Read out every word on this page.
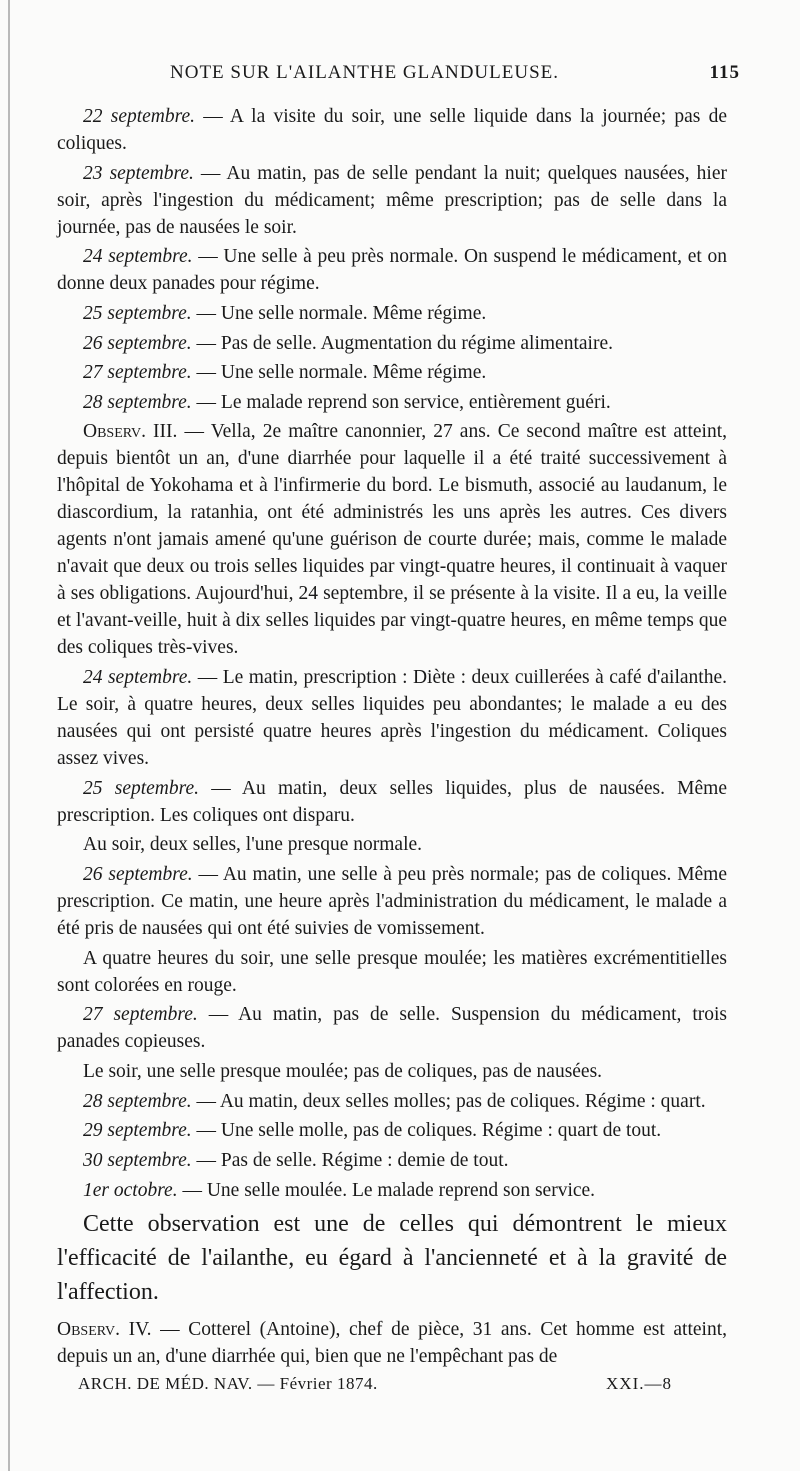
NOTE SUR L'AILANTHE GLANDULEUSE.	115

22 septembre. — A la visite du soir, une selle liquide dans la journée; pas de coliques.

23 septembre. — Au matin, pas de selle pendant la nuit; quelques nausées, hier soir, après l'ingestion du médicament; même prescription; pas de selle dans la journée, pas de nausées le soir.

24 septembre. — Une selle à peu près normale. On suspend le médicament, et on donne deux panades pour régime.

25 septembre. — Une selle normale. Même régime.

26 septembre. — Pas de selle. Augmentation du régime alimentaire.

27 septembre. — Une selle normale. Même régime.

28 septembre. — Le malade reprend son service, entièrement guéri.

Observ. III. — Vella, 2e maître canonnier, 27 ans. Ce second maître est atteint, depuis bientôt un an, d'une diarrhée pour laquelle il a été traité successivement à l'hôpital de Yokohama et à l'infirmerie du bord. Le bismuth, associé au laudanum, le diascordium, la ratanhia, ont été administrés les uns après les autres. Ces divers agents n'ont jamais amené qu'une guérison de courte durée; mais, comme le malade n'avait que deux ou trois selles liquides par vingt-quatre heures, il continuait à vaquer à ses obligations. Aujourd'hui, 24 septembre, il se présente à la visite. Il a eu, la veille et l'avant-veille, huit à dix selles liquides par vingt-quatre heures, en même temps que des coliques très-vives.

24 septembre. — Le matin, prescription : Diète : deux cuillerées à café d'ailanthe. Le soir, à quatre heures, deux selles liquides peu abondantes; le malade a eu des nausées qui ont persisté quatre heures après l'ingestion du médicament. Coliques assez vives.

25 septembre. — Au matin, deux selles liquides, plus de nausées. Même prescription. Les coliques ont disparu.

Au soir, deux selles, l'une presque normale.

26 septembre. — Au matin, une selle à peu près normale; pas de coliques. Même prescription. Ce matin, une heure après l'administration du médicament, le malade a été pris de nausées qui ont été suivies de vomissement.

A quatre heures du soir, une selle presque moulée; les matières excrémentitielles sont colorées en rouge.

27 septembre. — Au matin, pas de selle. Suspension du médicament, trois panades copieuses.

Le soir, une selle presque moulée; pas de coliques, pas de nausées.

28 septembre. — Au matin, deux selles molles; pas de coliques. Régime : quart.

29 septembre. — Une selle molle, pas de coliques. Régime : quart de tout.

30 septembre. — Pas de selle. Régime : demie de tout.

1er octobre. — Une selle moulée. Le malade reprend son service.

Cette observation est une de celles qui démontrent le mieux l'efficacité de l'ailanthe, eu égard à l'ancienneté et à la gravité de l'affection.
Observ. IV. — Cotterel (Antoine), chef de pièce, 31 ans. Cet homme est atteint, depuis un an, d'une diarrhée qui, bien que ne l'empêchant pas de
ARCH. DE MÉD. NAV. — Février 1874.	XXI.—8
